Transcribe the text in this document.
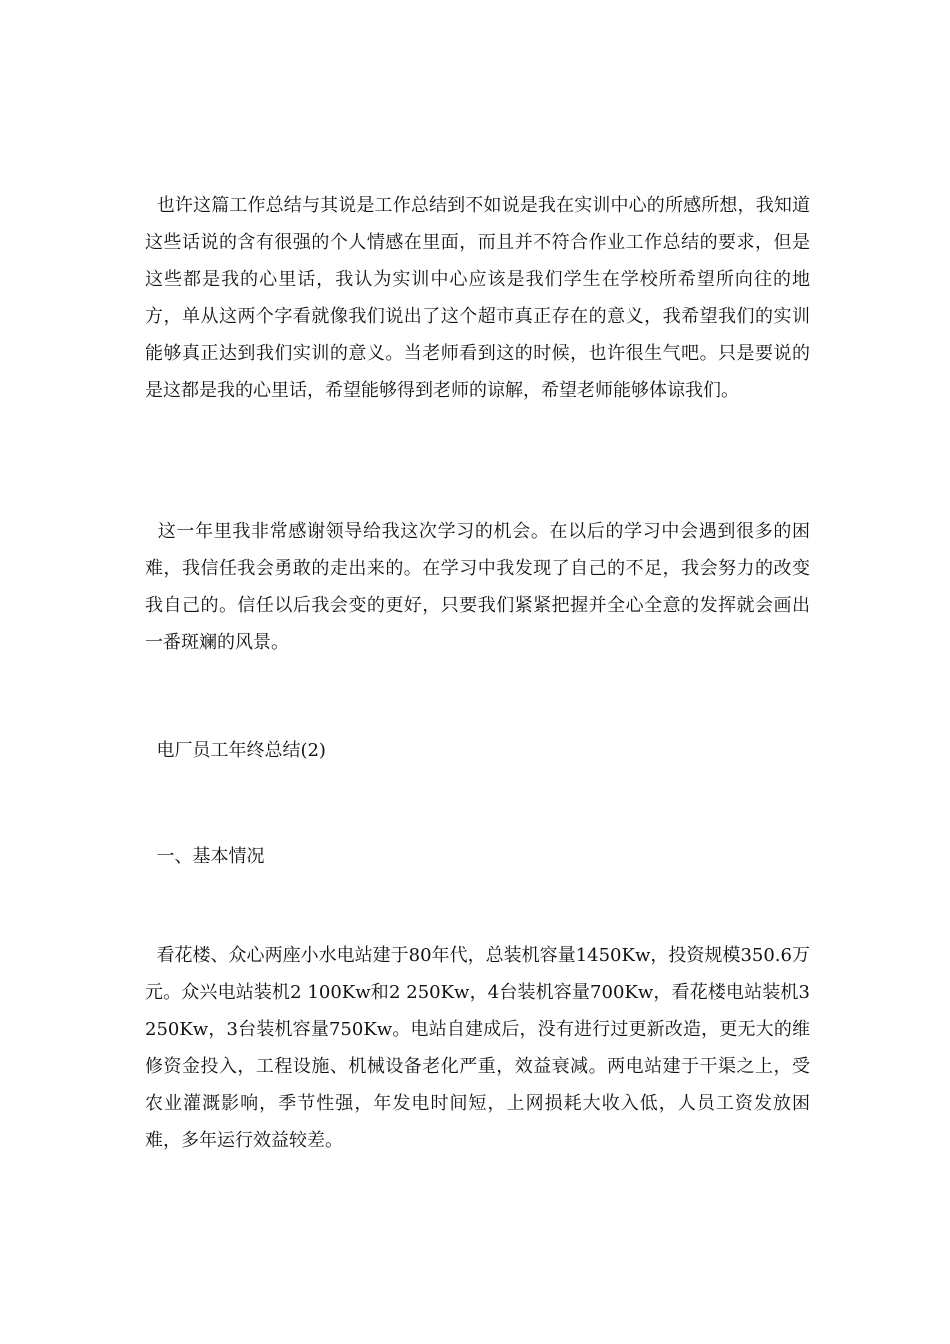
也许这篇工作总结与其说是工作总结到不如说是我在实训中心的所感所想，我知道这些话说的含有很强的个人情感在里面，而且并不符合作业工作总结的要求，但是这些都是我的心里话，我认为实训中心应该是我们学生在学校所希望所向往的地方，单从这两个字看就像我们说出了这个超市真正存在的意义，我希望我们的实训能够真正达到我们实训的意义。当老师看到这的时候，也许很生气吧。只是要说的是这都是我的心里话，希望能够得到老师的谅解，希望老师能够体谅我们。

这一年里我非常感谢领导给我这次学习的机会。在以后的学习中会遇到很多的困难，我信任我会勇敢的走出来的。在学习中我发现了自己的不足，我会努力的改变我自己的。信任以后我会变的更好，只要我们紧紧把握并全心全意的发挥就会画出一番斑斓的风景。

电厂员工年终总结(2)

一、基本情况

看花楼、众心两座小水电站建于80年代，总装机容量1450Kw，投资规模350.6万元。众兴电站装机2 100Kw和2 250Kw，4台装机容量700Kw，看花楼电站装机3 250Kw，3台装机容量750Kw。电站自建成后，没有进行过更新改造，更无大的维修资金投入，工程设施、机械设备老化严重，效益衰减。两电站建于干渠之上，受农业灌溉影响，季节性强，年发电时间短，上网损耗大收入低，人员工资发放困难，多年运行效益较差。
